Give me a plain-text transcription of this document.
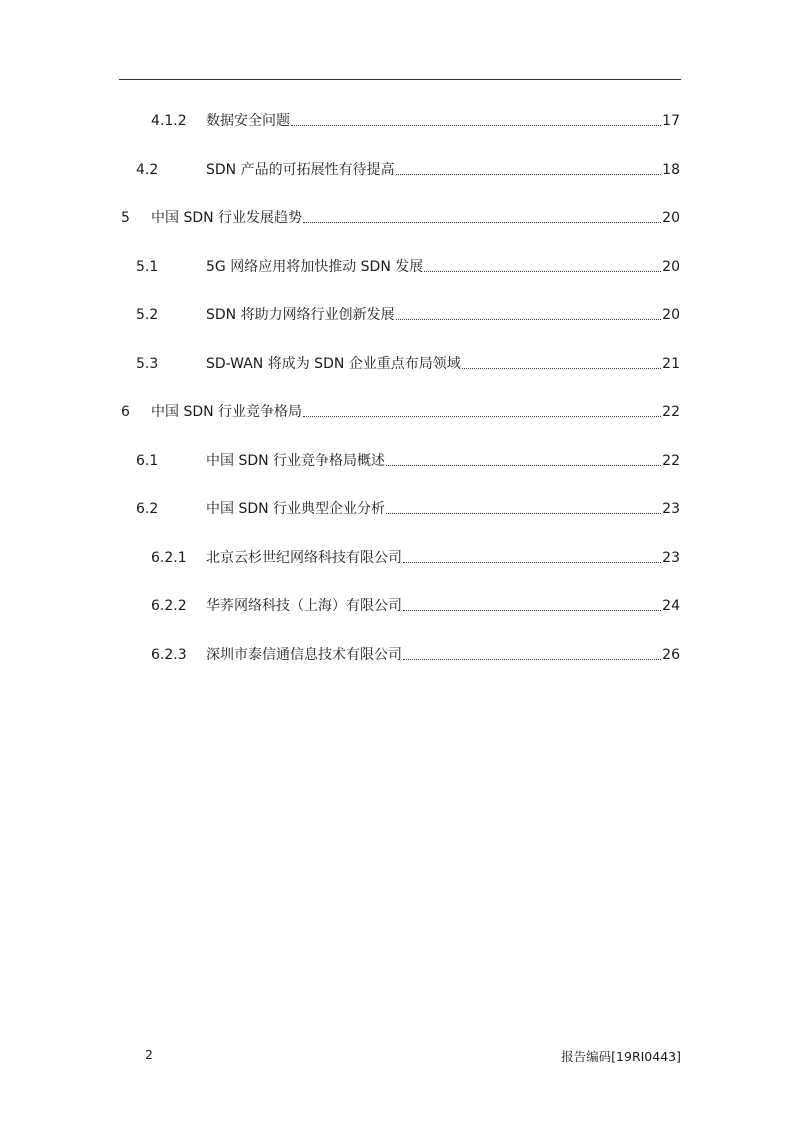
4.1.2 数据安全问题	17
4.2	SDN 产品的可拓展性有待提高	18
5 中国 SDN 行业发展趋势	20
5.1	5G 网络应用将加快推动 SDN 发展	20
5.2	SDN 将助力网络行业创新发展	20
5.3	SD-WAN 将成为 SDN 企业重点布局领域	21
6 中国 SDN 行业竞争格局	22
6.1	中国 SDN 行业竞争格局概述	22
6.2	中国 SDN 行业典型企业分析	23
6.2.1 北京云杉世纪网络科技有限公司	23
6.2.2 华荞网络科技（上海）有限公司	24
6.2.3 深圳市泰信通信息技术有限公司	26
2	报告编码[19RI0443]
